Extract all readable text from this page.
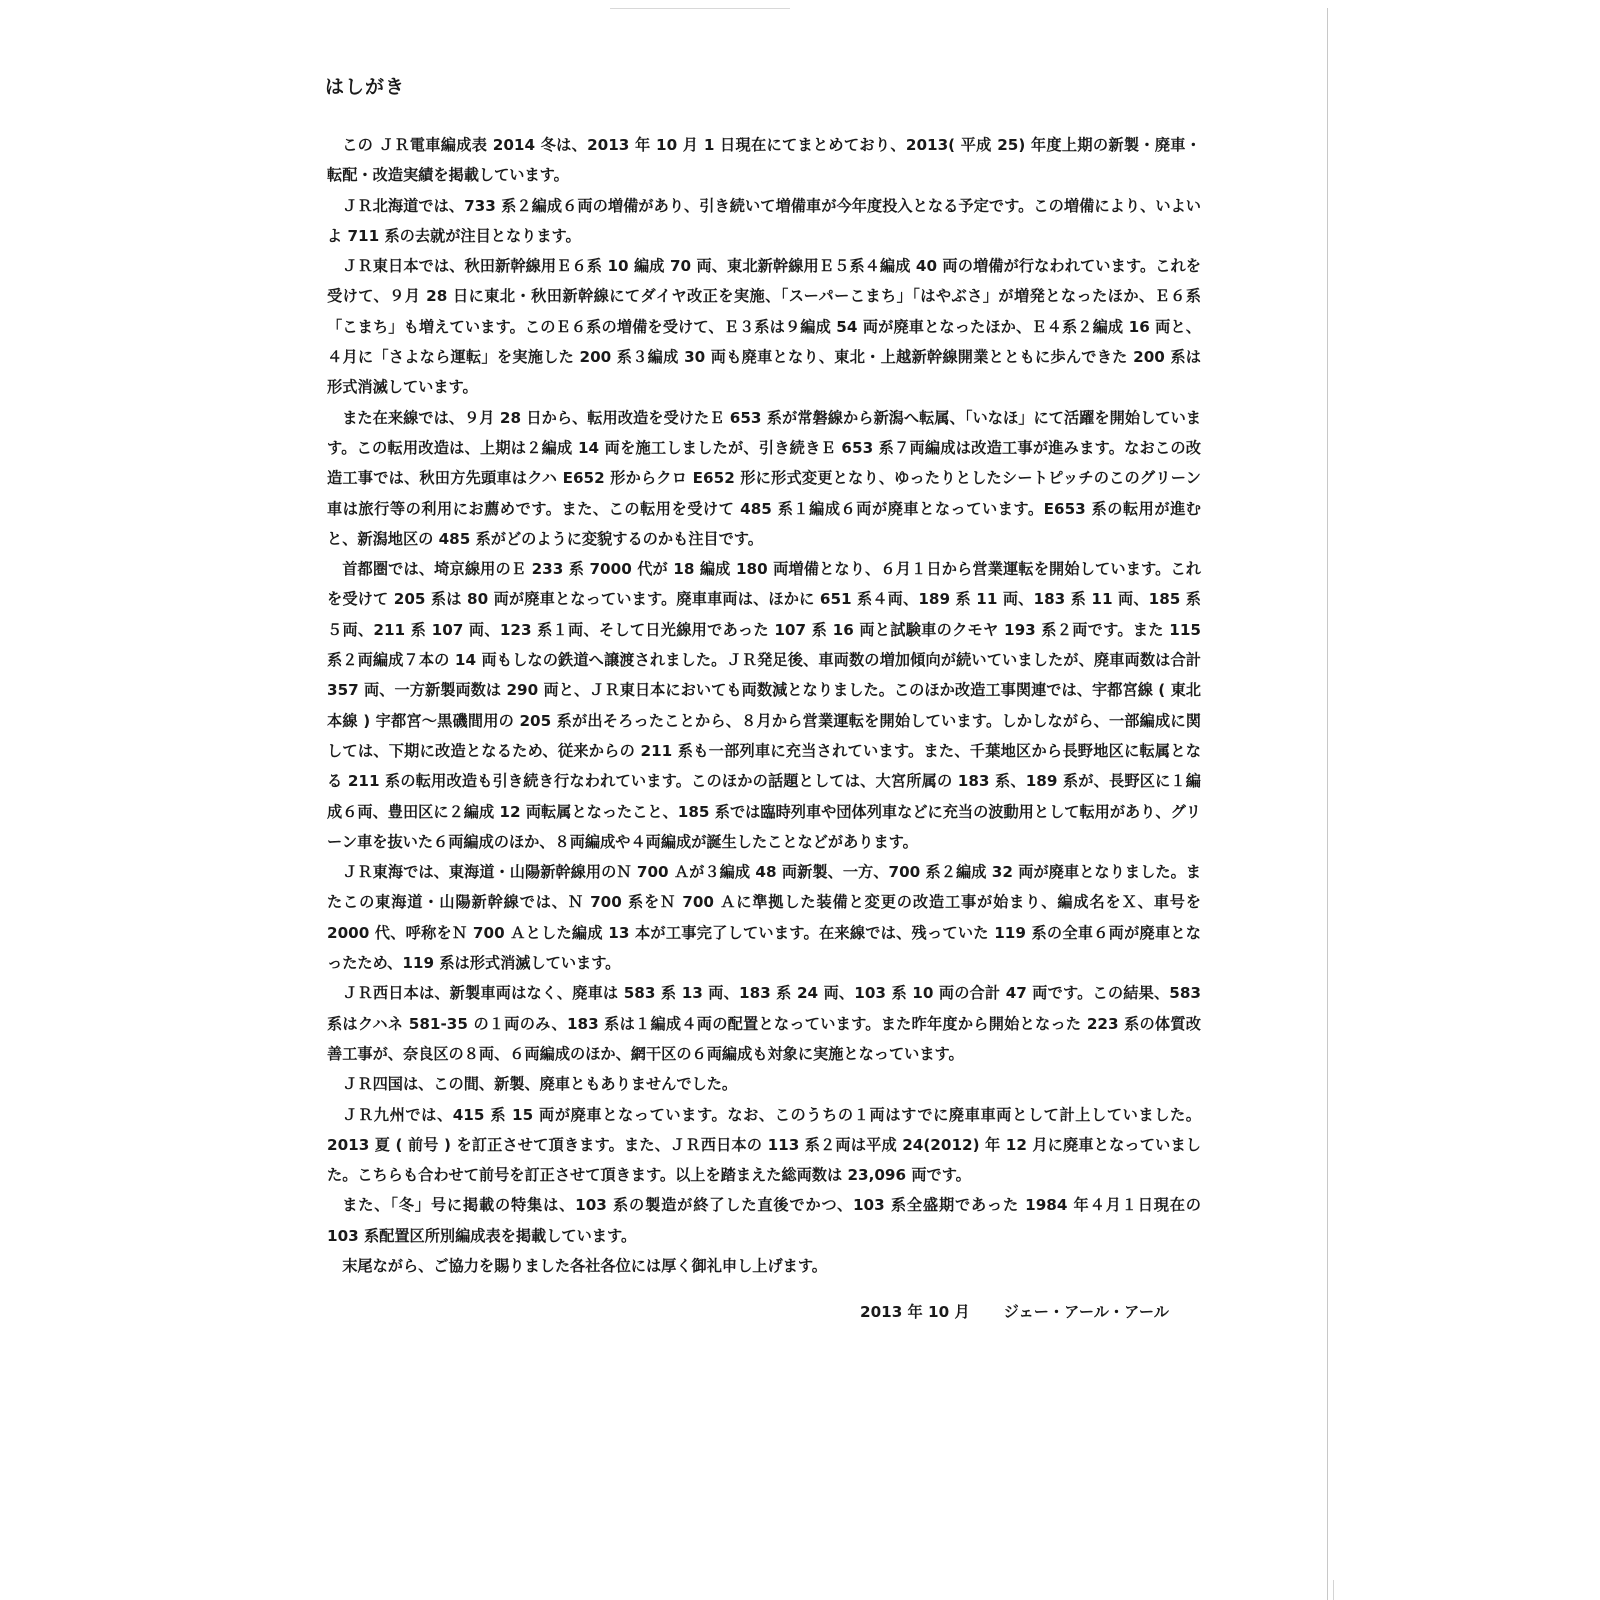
はしがき

この ＪＲ電車編成表 2014 冬は、2013 年 10 月 1 日現在にてまとめており、2013( 平成 25) 年度上期の新製・廃車・転配・改造実績を掲載しています。

ＪＲ北海道では、733 系２編成６両の増備があり、引き続いて増備車が今年度投入となる予定です。この増備により、いよいよ 711 系の去就が注目となります。

ＪＲ東日本では、秋田新幹線用Ｅ６系 10 編成 70 両、東北新幹線用Ｅ５系４編成 40 両の増備が行なわれています。これを受けて、９月 28 日に東北・秋田新幹線にてダイヤ改正を実施、「スーパーこまち」「はやぶさ」が増発となったほか、Ｅ６系「こまち」も増えています。このＥ６系の増備を受けて、Ｅ３系は９編成 54 両が廃車となったほか、Ｅ４系２編成 16 両と、４月に「さよなら運転」を実施した 200 系３編成 30 両も廃車となり、東北・上越新幹線開業とともに歩んできた 200 系は形式消滅しています。

また在来線では、９月 28 日から、転用改造を受けたＥ 653 系が常磐線から新潟へ転属、「いなほ」にて活躍を開始しています。この転用改造は、上期は２編成 14 両を施工しましたが、引き続きＥ 653 系７両編成は改造工事が進みます。なおこの改造工事では、秋田方先頭車はクハ E652 形からクロ E652 形に形式変更となり、ゆったりとしたシートピッチのこのグリーン車は旅行等の利用にお薦めです。また、この転用を受けて 485 系１編成６両が廃車となっています。E653 系の転用が進むと、新潟地区の 485 系がどのように変貌するのかも注目です。

首都圏では、埼京線用のＥ 233 系 7000 代が 18 編成 180 両増備となり、６月１日から営業運転を開始しています。これを受けて 205 系は 80 両が廃車となっています。廃車車両は、ほかに 651 系４両、189 系 11 両、183 系 11 両、185 系５両、211 系 107 両、123 系１両、そして日光線用であった 107 系 16 両と試験車のクモヤ 193 系２両です。また 115 系２両編成７本の 14 両もしなの鉄道へ譲渡されました。ＪＲ発足後、車両数の増加傾向が続いていましたが、廃車両数は合計 357 両、一方新製両数は 290 両と、ＪＲ東日本においても両数減となりました。このほか改造工事関連では、宇都宮線 ( 東北本線 ) 宇都宮〜黒磯間用の 205 系が出そろったことから、８月から営業運転を開始しています。しかしながら、一部編成に関しては、下期に改造となるため、従来からの 211 系も一部列車に充当されています。また、千葉地区から長野地区に転属となる 211 系の転用改造も引き続き行なわれています。このほかの話題としては、大宮所属の 183 系、189 系が、長野区に１編成６両、豊田区に２編成 12 両転属となったこと、185 系では臨時列車や団体列車などに充当の波動用として転用があり、グリーン車を抜いた６両編成のほか、８両編成や４両編成が誕生したことなどがあります。

ＪＲ東海では、東海道・山陽新幹線用のＮ 700 Ａが３編成 48 両新製、一方、700 系２編成 32 両が廃車となりました。またこの東海道・山陽新幹線では、Ｎ 700 系をＮ 700 Ａに準拠した装備と変更の改造工事が始まり、編成名をＸ、車号を 2000 代、呼称をＮ 700 Ａとした編成 13 本が工事完了しています。在来線では、残っていた 119 系の全車６両が廃車となったため、119 系は形式消滅しています。

ＪＲ西日本は、新製車両はなく、廃車は 583 系 13 両、183 系 24 両、103 系 10 両の合計 47 両です。この結果、583 系はクハネ 581-35 の１両のみ、183 系は１編成４両の配置となっています。また昨年度から開始となった 223 系の体質改善工事が、奈良区の８両、６両編成のほか、網干区の６両編成も対象に実施となっています。

ＪＲ四国は、この間、新製、廃車ともありませんでした。

ＪＲ九州では、415 系 15 両が廃車となっています。なお、このうちの１両はすでに廃車車両として計上していました。2013 夏 ( 前号 ) を訂正させて頂きます。また、ＪＲ西日本の 113 系２両は平成 24(2012) 年 12 月に廃車となっていました。こちらも合わせて前号を訂正させて頂きます。以上を踏まえた総両数は 23,096 両です。

また、「冬」号に掲載の特集は、103 系の製造が終了した直後でかつ、103 系全盛期であった 1984 年４月１日現在の　103 系配置区所別編成表を掲載しています。

末尾ながら、ご協力を賜りました各社各位には厚く御礼申し上げます。

2013 年 10 月 ジェー・アール・アール
